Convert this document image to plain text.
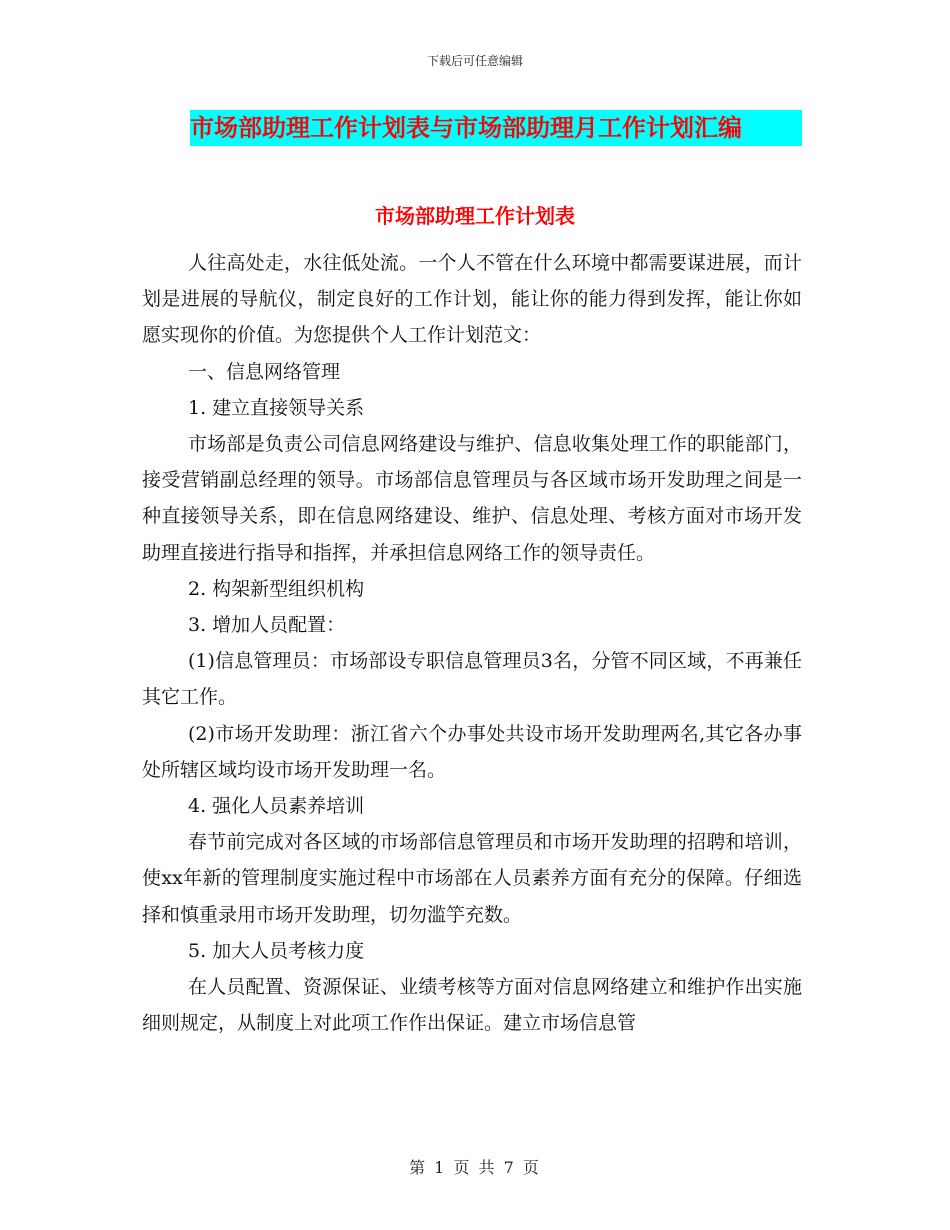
下载后可任意编辑
市场部助理工作计划表与市场部助理月工作计划汇编
市场部助理工作计划表

人往高处走，水往低处流。一个人不管在什么环境中都需要谋进展，而计划是进展的导航仪，制定良好的工作计划，能让你的能力得到发挥，能让你如愿实现你的价值。为您提供个人工作计划范文：

一、信息网络管理

1. 建立直接领导关系

市场部是负责公司信息网络建设与维护、信息收集处理工作的职能部门，接受营销副总经理的领导。市场部信息管理员与各区域市场开发助理之间是一种直接领导关系，即在信息网络建设、维护、信息处理、考核方面对市场开发助理直接进行指导和指挥，并承担信息网络工作的领导责任。

2. 构架新型组织机构

3. 增加人员配置：

(1)信息管理员：市场部设专职信息管理员3名，分管不同区域，不再兼任其它工作。

(2)市场开发助理：浙江省六个办事处共设市场开发助理两名,其它各办事处所辖区域均设市场开发助理一名。

4. 强化人员素养培训

春节前完成对各区域的市场部信息管理员和市场开发助理的招聘和培训，使xx年新的管理制度实施过程中市场部在人员素养方面有充分的保障。仔细选择和慎重录用市场开发助理，切勿滥竽充数。

5. 加大人员考核力度

在人员配置、资源保证、业绩考核等方面对信息网络建立和维护作出实施细则规定，从制度上对此项工作作出保证。建立市场信息管

第 1 页 共 7 页
